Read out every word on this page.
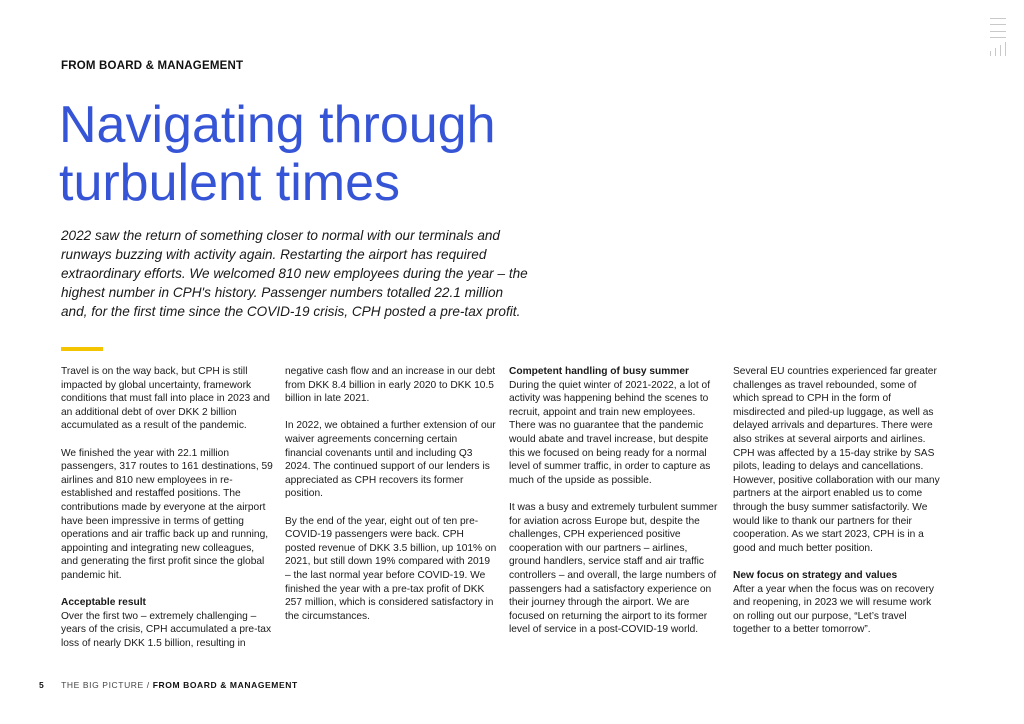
FROM BOARD & MANAGEMENT
Navigating through turbulent times

2022 saw the return of something closer to normal with our terminals and runways buzzing with activity again. Restarting the airport has required extraordinary efforts. We welcomed 810 new employees during the year – the highest number in CPH's history. Passenger numbers totalled 22.1 million and, for the first time since the COVID-19 crisis, CPH posted a pre-tax profit.

Travel is on the way back, but CPH is still impacted by global uncertainty, framework conditions that must fall into place in 2023 and an additional debt of over DKK 2 billion accumulated as a result of the pandemic.

We finished the year with 22.1 million passengers, 317 routes to 161 destinations, 59 airlines and 810 new employees in re-established and restaffed positions. The contributions made by everyone at the airport have been impressive in terms of getting operations and air traffic back up and running, appointing and integrating new colleagues, and generating the first profit since the global pandemic hit.

Acceptable result

Over the first two – extremely challenging – years of the crisis, CPH accumulated a pre-tax loss of nearly DKK 1.5 billion, resulting in

negative cash flow and an increase in our debt from DKK 8.4 billion in early 2020 to DKK 10.5 billion in late 2021.

In 2022, we obtained a further extension of our waiver agreements concerning certain financial covenants until and including Q3 2024. The continued support of our lenders is appreciated as CPH recovers its former position.

By the end of the year, eight out of ten pre-COVID-19 passengers were back. CPH posted revenue of DKK 3.5 billion, up 101% on 2021, but still down 19% compared with 2019 – the last normal year before COVID-19. We finished the year with a pre-tax profit of DKK 257 million, which is considered satisfactory in the circumstances.

Competent handling of busy summer

During the quiet winter of 2021-2022, a lot of activity was happening behind the scenes to recruit, appoint and train new employees. There was no guarantee that the pandemic would abate and travel increase, but despite this we focused on being ready for a normal level of summer traffic, in order to capture as much of the upside as possible.

It was a busy and extremely turbulent summer for aviation across Europe but, despite the challenges, CPH experienced positive cooperation with our partners – airlines, ground handlers, service staff and air traffic controllers – and overall, the large numbers of passengers had a satisfactory experience on their journey through the airport. We are focused on returning the airport to its former level of service in a post-COVID-19 world.

Several EU countries experienced far greater challenges as travel rebounded, some of which spread to CPH in the form of misdirected and piled-up luggage, as well as delayed arrivals and departures. There were also strikes at several airports and airlines. CPH was affected by a 15-day strike by SAS pilots, leading to delays and cancellations. However, positive collaboration with our many partners at the airport enabled us to come through the busy summer satisfactorily. We would like to thank our partners for their cooperation. As we start 2023, CPH is in a good and much better position.

New focus on strategy and values

After a year when the focus was on recovery and reopening, in 2023 we will resume work on rolling out our purpose, “Let’s travel together to a better tomorrow”.

5 THE BIG PICTURE / FROM BOARD & MANAGEMENT
